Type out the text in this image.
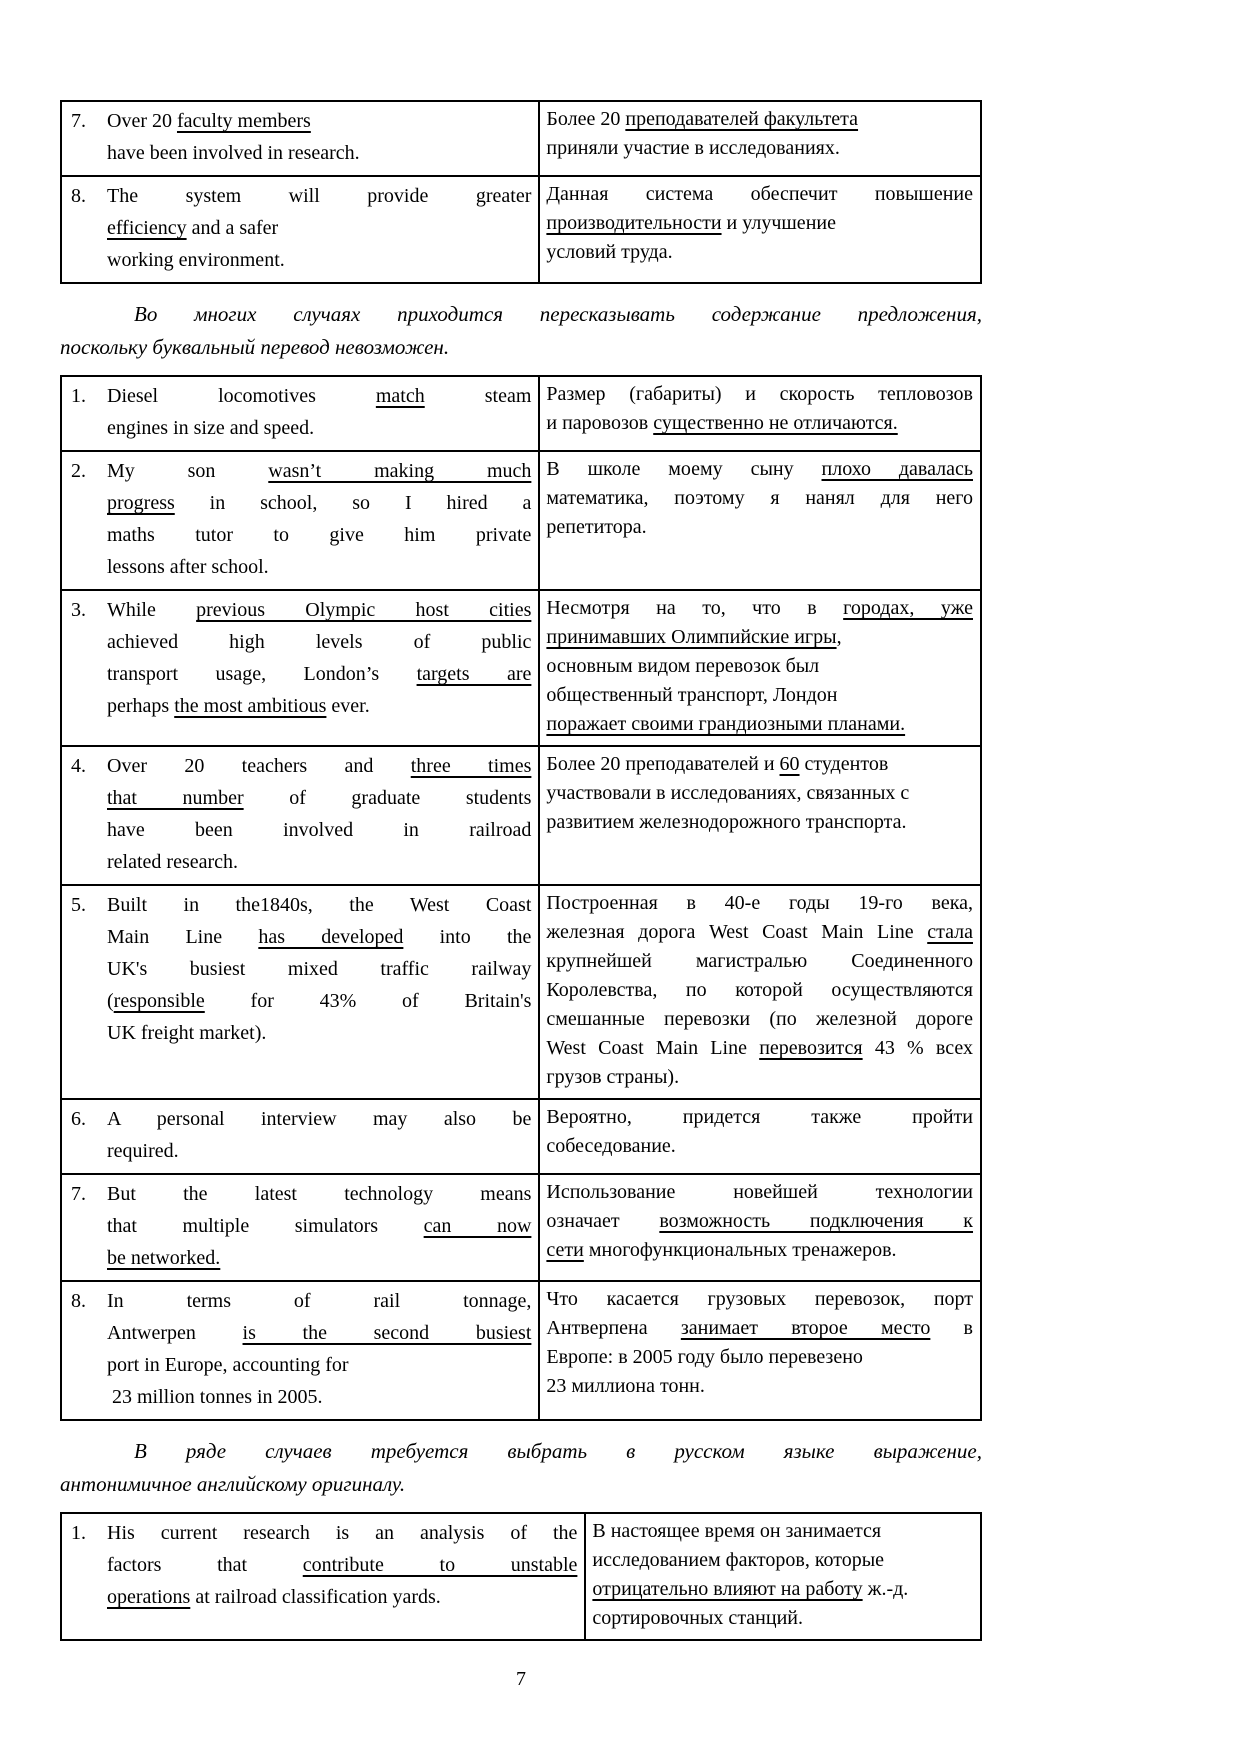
7.	Over 20 faculty members
have been involved in research.

Более 20 преподавателей факультета
приняли участие в исследованиях.

8.	The system will provide greater
efficiency and a safer
working environment.

Данная система обеспечит повышение
производительности и улучшение
условий труда.
Во многих случаях приходится пересказывать содержание предложения,
поскольку буквальный перевод невозможен.
1.	Diesel locomotives match steam
engines in size and speed.

Размер (габариты) и скорость тепловозов
и паровозов существенно не отличаются.

2.	My son wasn’t making much
progress in school, so I hired a
maths tutor to give him private
lessons after school.

В школе моему сыну плохо давалась
математика, поэтому я нанял для него
репетитора.

3.	While previous Olympic host cities
achieved high levels of public
transport usage, London’s targets are
perhaps the most ambitious ever.

Несмотря на то, что в городах, уже
принимавших Олимпийские игры,
основным видом перевозок был
общественный транспорт, Лондон
поражает своими грандиозными планами.

4.	Over 20 teachers and three times
that number of graduate students
have been involved in railroad
related research.

Более 20 преподавателей и 60 студентов
участвовали в исследованиях, связанных с
развитием железнодорожного транспорта.

5.	Built in the1840s, the West Coast
Main Line has developed into the
UK's busiest mixed traffic railway
(responsible for 43% of Britain's
UK freight market).

Построенная в 40-е годы 19-го века,
железная дорога West Coast Main Line стала
крупнейшей магистралью Соединенного
Королевства, по которой осуществляются
смешанные перевозки (по железной дороге
West Coast Main Line перевозится 43 % всех
грузов страны).

6.	A personal interview may also be
required.

Вероятно, придется также пройти
собеседование.

7.	But the latest technology means
that multiple simulators can now
be networked.

Использование новейшей технологии
означает возможность подключения к
сети многофункциональных тренажеров.

8.	In terms of rail tonnage,
Antwerpen is the second busiest
port in Europe, accounting for
23 million tonnes in 2005.

Что касается грузовых перевозок, порт
Антверпена занимает второе место в
Европе: в 2005 году было перевезено
23 миллиона тонн.
В ряде случаев требуется выбрать в русском языке выражение,
антонимичное английскому оригиналу.
1.	His current research is an analysis of the
factors that contribute to unstable
operations at railroad classification yards.

В настоящее время он занимается
исследованием факторов, которые
отрицательно влияют на работу ж.-д.
сортировочных станций.
7
